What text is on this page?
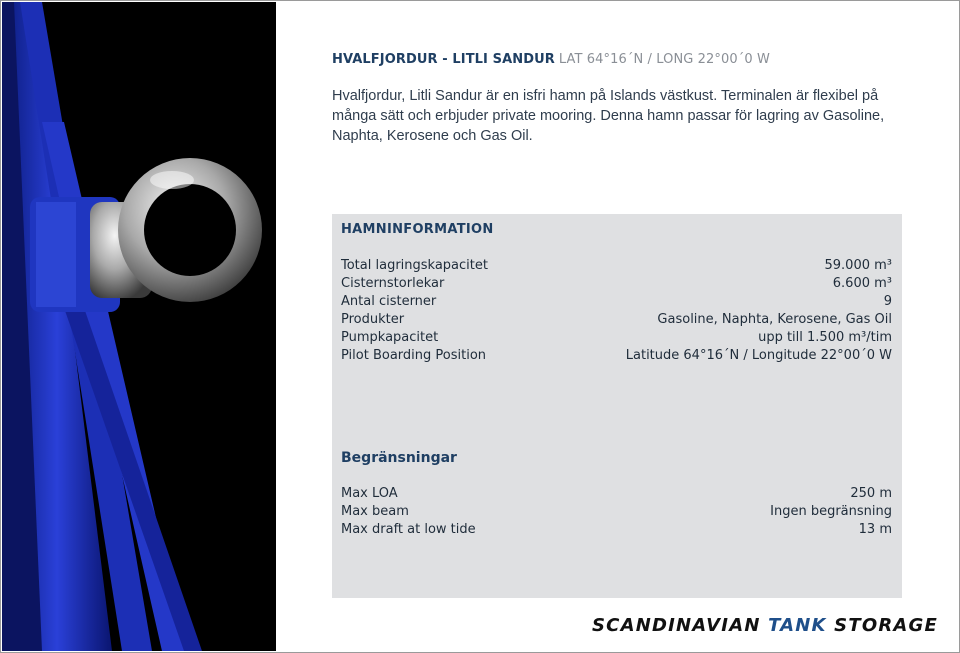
HVALFJORDUR - LITLI SANDUR LAT 64°16´N / LONG 22°00´0 W
Hvalfjordur, Litli Sandur är en isfri hamn på Islands västkust. Terminalen är flexibel på många sätt och erbjuder private mooring. Denna hamn passar för lagring av Gasoline, Naphta, Kerosene och Gas Oil.
HAMNINFORMATION
Total lagringskapacitet	59.000 m³
Cisternstorlekar	6.600 m³
Antal cisterner	9
Produkter	Gasoline, Naphta, Kerosene, Gas Oil
Pumpkapacitet	upp till 1.500 m³/tim
Pilot Boarding Position	Latitude 64°16´N / Longitude 22°00´0 W
Begränsningar
Max LOA	250 m
Max beam	Ingen begränsning
Max draft at low tide	13 m
SCANDINAVIAN TANK STORAGE
